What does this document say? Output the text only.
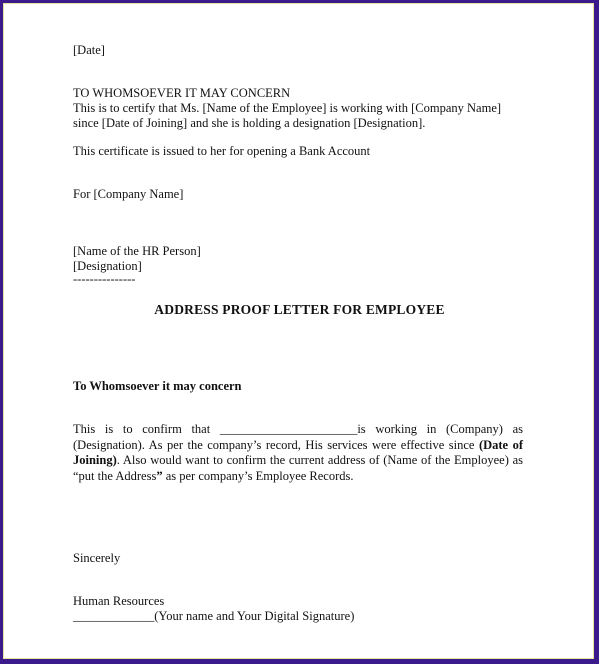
[Date]
TO WHOMSOEVER IT MAY CONCERN
This is to certify that Ms. [Name of the Employee] is working with [Company Name]
since [Date of Joining] and she is holding a designation [Designation].
This certificate is issued to her for opening a Bank Account
For [Company Name]
[Name of the HR Person]
[Designation]
---------------
ADDRESS PROOF LETTER FOR EMPLOYEE
To Whomsoever it may concern
This is to confirm that ______________________is working in (Company) as
(Designation). As per the company’s record, His services were effective since (Date of
Joining). Also would want to confirm the current address of (Name of the Employee) as
“put the Address” as per company’s Employee Records.
Sincerely
Human Resources
_____________(Your name and Your Digital Signature)
